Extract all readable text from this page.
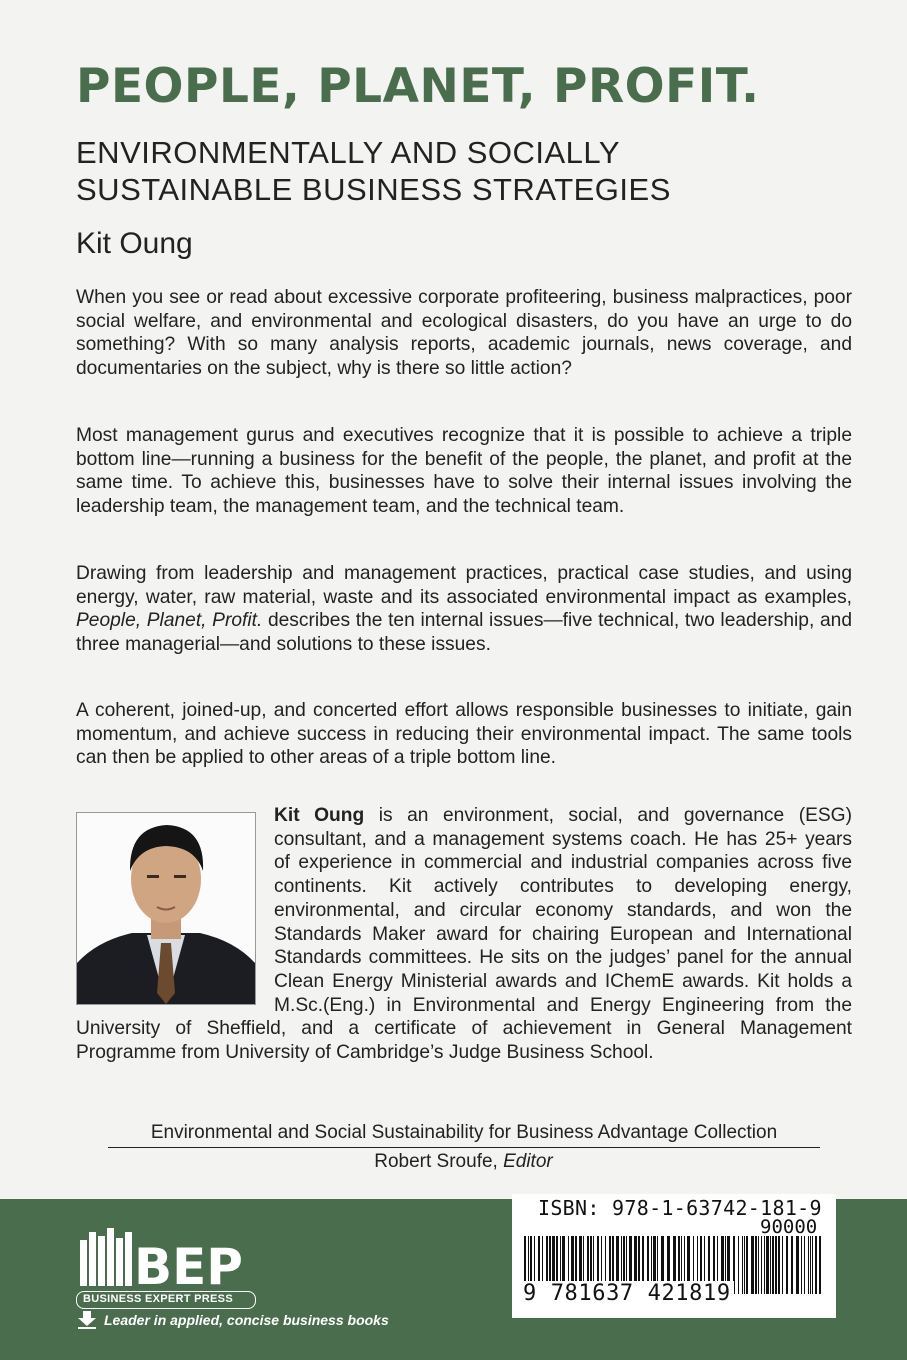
PEOPLE, PLANET, PROFIT.
ENVIRONMENTALLY AND SOCIALLY
SUSTAINABLE BUSINESS STRATEGIES
Kit Oung

When you see or read about excessive corporate profiteering, business malpractices, poor social welfare, and environmental and ecological disasters, do you have an urge to do something? With so many analysis reports, academic journals, news coverage, and documentaries on the subject, why is there so little action?

Most management gurus and executives recognize that it is possible to achieve a triple bottom line—running a business for the benefit of the people, the planet, and profit at the same time. To achieve this, businesses have to solve their internal issues involving the leadership team, the management team, and the technical team.

Drawing from leadership and management practices, practical case studies, and using energy, water, raw material, waste and its associated environmental impact as examples, People, Planet, Profit. describes the ten internal issues—five technical, two leadership, and three managerial—and solutions to these issues.

A coherent, joined-up, and concerted effort allows responsible businesses to initiate, gain momentum, and achieve success in reducing their environmental impact. The same tools can then be applied to other areas of a triple bottom line.

Kit Oung is an environment, social, and governance (ESG) consultant, and a management systems coach. He has 25+ years of experience in commercial and industrial companies across five continents. Kit actively contributes to developing energy, environmental, and circular economy standards, and won the Standards Maker award for chairing European and International Standards committees. He sits on the judges’ panel for the annual Clean Energy Ministerial awards and IChemE awards. Kit holds a M.Sc.(Eng.) in Environmental and Energy Engineering from the University of Sheffield, and a certificate of achievement in General Management Programme from University of Cambridge’s Judge Business School.
Environmental and Social Sustainability for Business Advantage Collection
Robert Sroufe, Editor
BEP
BUSINESS EXPERT PRESS
Leader in applied, concise business books
ISBN: 978-1-63742-181-9
90000
9 781637 421819
